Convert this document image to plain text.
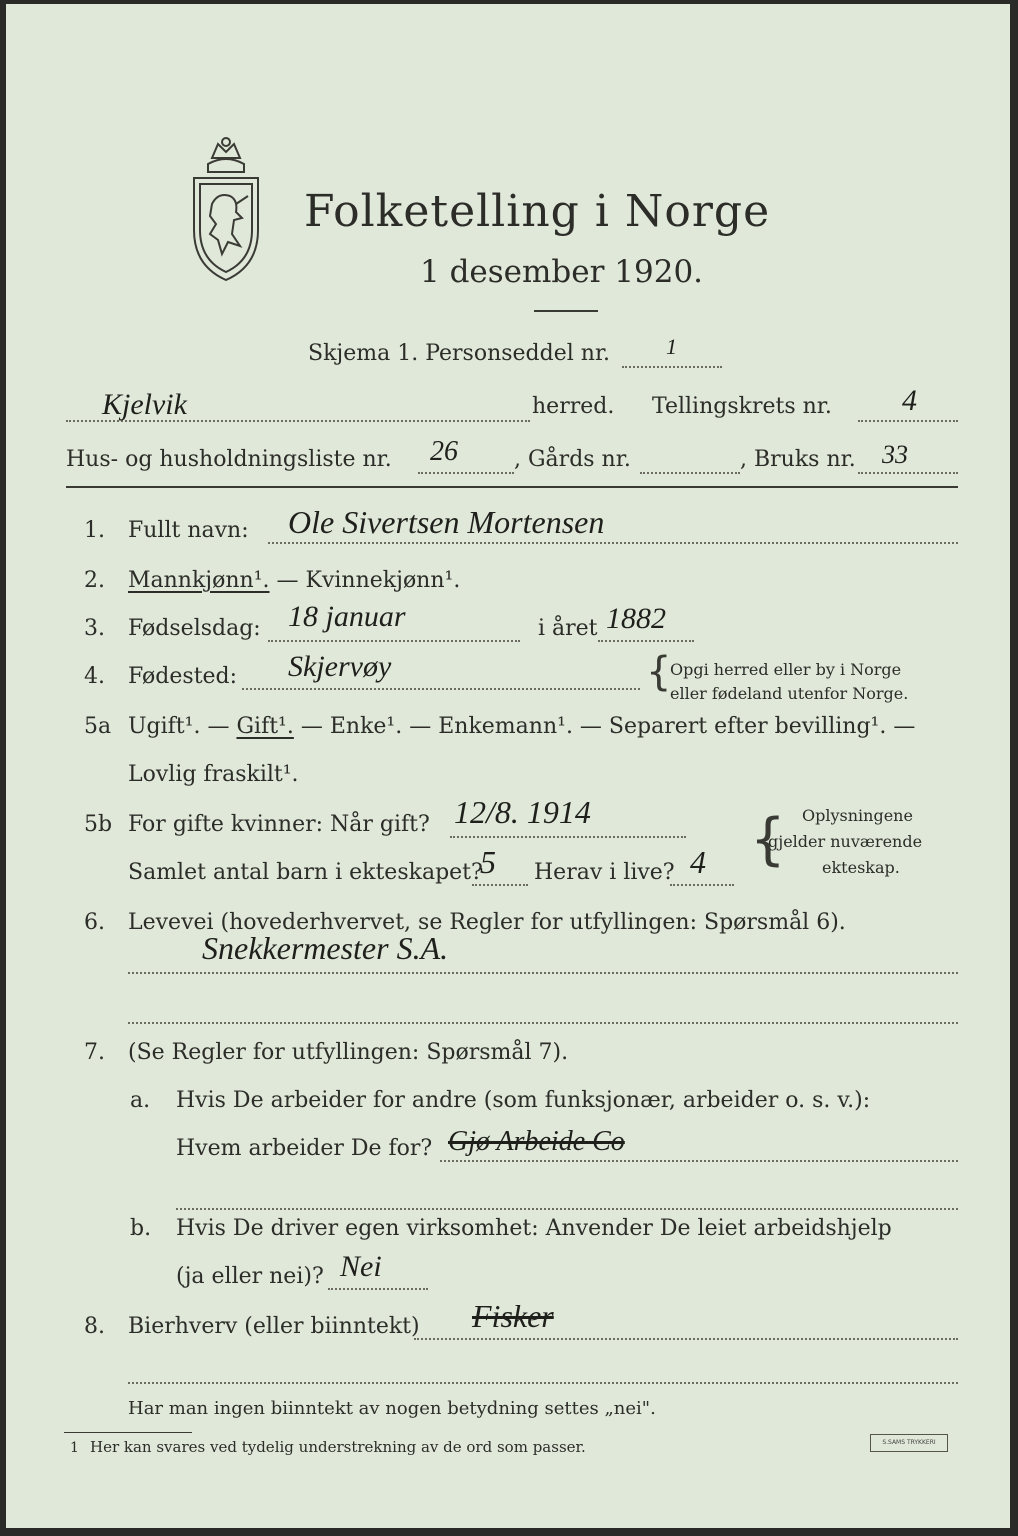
Folketelling i Norge
1 desember 1920.
Skjema 1. Personseddel nr.	1
Kjelvik	herred. Tellingskrets nr. 4
Hus- og husholdningsliste nr. 26	, Gårds nr.	, Bruks nr. 33
1. Fullt navn: Ole Sivertsen Mortensen
2. Mannkjønn¹. — Kvinnekjønn¹.
3. Fødselsdag: 18 januar	i året 1882
4. Fødested: Skjervøy	{
Opgi herred eller by i Norge
eller fødeland utenfor Norge.
5a Ugift¹. — Gift¹. — Enke¹. — Enkemann¹. — Separert efter bevilling¹. —
Lovlig fraskilt¹.
5b For gifte kvinner: Når gift? 12/8. 1914
Samlet antal barn i ekteskapet?
5 Herav i live? 4 { Oplysningene
gjelder nuværende
ekteskap.
6. Levevei (hovederhvervet, se Regler for utfyllingen: Spørsmål 6).
Snekkermester S.A.
7. (Se Regler for utfyllingen: Spørsmål 7).
a. Hvis De arbeider for andre (som funksjonær, arbeider o. s. v.):
Hvem arbeider De for? Gjø Arbeide Co
b. Hvis De driver egen virksomhet: Anvender De leiet arbeidshjelp
(ja eller nei)? Nei
8. Bierhverv (eller biinntekt) Fisker
Har man ingen biinntekt av nogen betydning settes „nei".
1 Her kan svares ved tydelig understrekning av de ord som passer.	S.SAMS TRYKKERI
